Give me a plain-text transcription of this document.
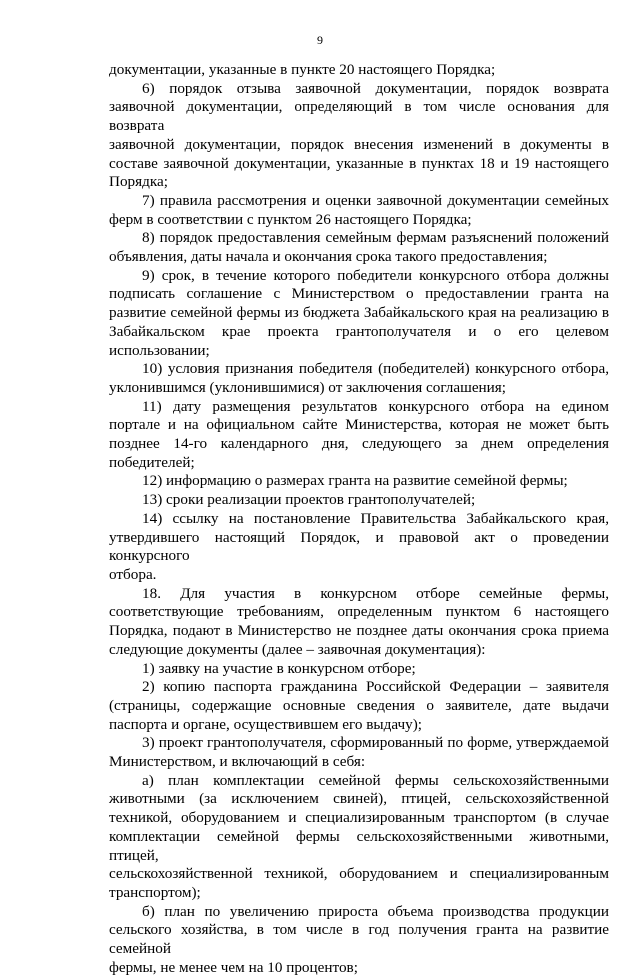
9

документации, указанные в пункте 20 настоящего Порядка;

6) порядок отзыва заявочной документации, порядок возврата
заявочной документации, определяющий в том числе основания для возврата
заявочной документации, порядок внесения изменений в документы в
составе заявочной документации, указанные в пунктах 18 и 19 настоящего
Порядка;

7) правила рассмотрения и оценки заявочной документации семейных
ферм в соответствии с пунктом 26 настоящего Порядка;

8) порядок предоставления семейным фермам разъяснений положений
объявления, даты начала и окончания срока такого предоставления;

9) срок, в течение которого победители конкурсного отбора должны
подписать соглашение с Министерством о предоставлении гранта на
развитие семейной фермы из бюджета Забайкальского края на реализацию в
Забайкальском крае проекта грантополучателя и о его целевом
использовании;

10) условия признания победителя (победителей) конкурсного отбора,
уклонившимся (уклонившимися) от заключения соглашения;

11) дату размещения результатов конкурсного отбора на едином
портале и на официальном сайте Министерства, которая не может быть
позднее 14-го календарного дня, следующего за днем определения
победителей;

12) информацию о размерах гранта на развитие семейной фермы;

13) сроки реализации проектов грантополучателей;

14) ссылку на постановление Правительства Забайкальского края,
утвердившего настоящий Порядок, и правовой акт о проведении конкурсного
отбора.

18. Для участия в конкурсном отборе семейные фермы,
соответствующие требованиям, определенным пунктом 6 настоящего
Порядка, подают в Министерство не позднее даты окончания срока приема
следующие документы (далее – заявочная документация):

1) заявку на участие в конкурсном отборе;

2) копию паспорта гражданина Российской Федерации – заявителя
(страницы, содержащие основные сведения о заявителе, дате выдачи
паспорта и органе, осуществившем его выдачу);

3) проект грантополучателя, сформированный по форме, утверждаемой
Министерством, и включающий в себя:

а) план комплектации семейной фермы сельскохозяйственными
животными (за исключением свиней), птицей, сельскохозяйственной
техникой, оборудованием и специализированным транспортом (в случае
комплектации семейной фермы сельскохозяйственными животными, птицей,
сельскохозяйственной техникой, оборудованием и специализированным
транспортом);

б) план по увеличению прироста объема производства продукции
сельского хозяйства, в том числе в год получения гранта на развитие семейной
фермы, не менее чем на 10 процентов;
